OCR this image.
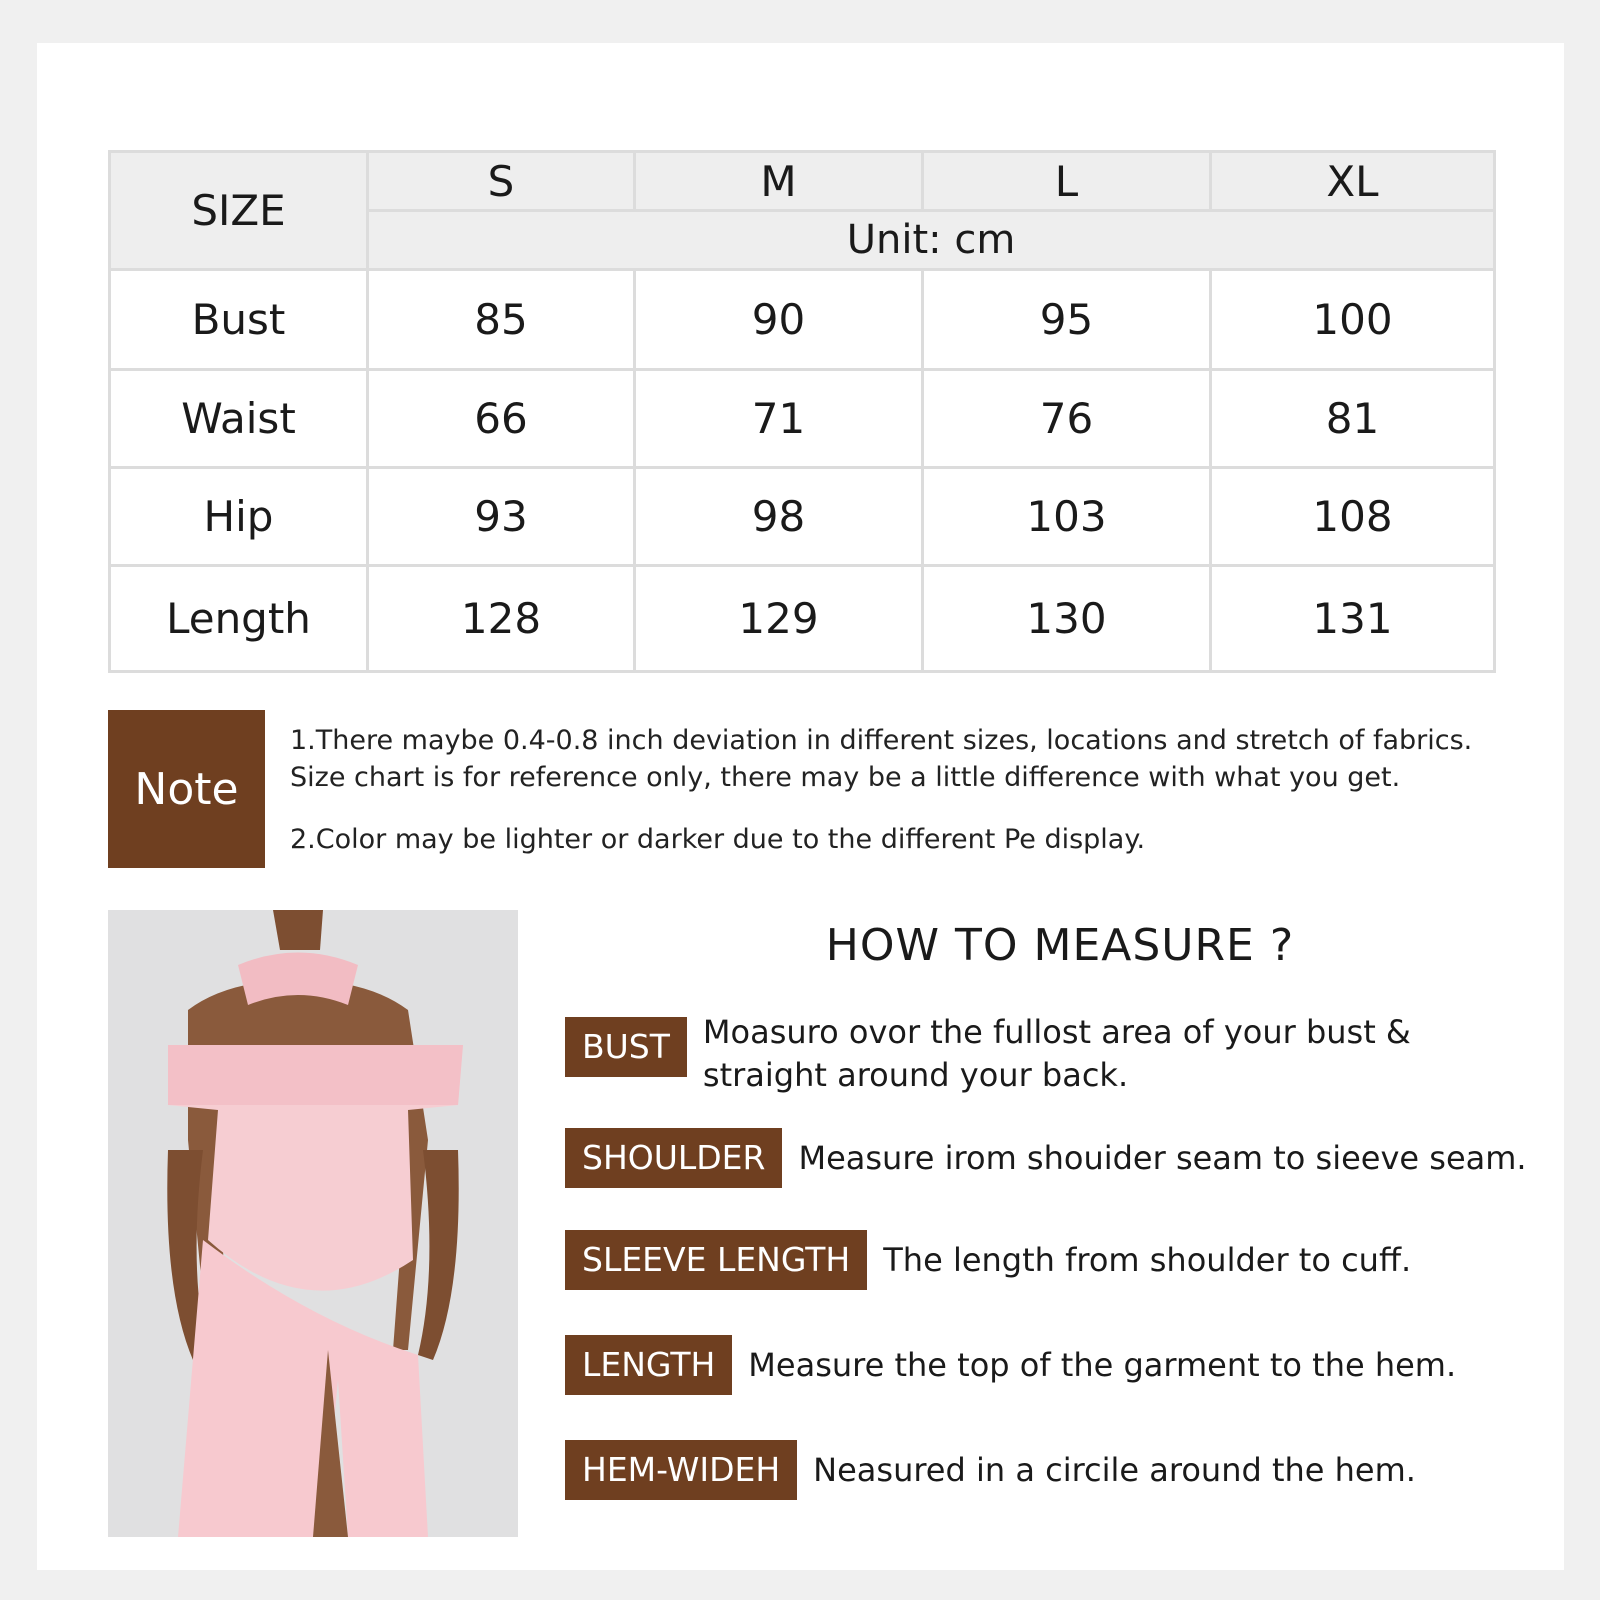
SIZE	S	M	L	XL
	Unit: cm			
Bust	85	90	95	100
Waist	66	71	76	81
Hip	93	98	103	108
Length	128	129	130	131
Note

1.There maybe 0.4-0.8 inch deviation in different sizes, locations and stretch of fabrics.

Size chart is for reference only, there may be a little difference with what you get.

2.Color may be lighter or darker due to the different Pe display.

HOW TO MEASURE ?
BUST	Moasuro ovor the fullost area of your bust & straight around your back.
SHOULDER	Measure irom shouider seam to sieeve seam.
SLEEVE LENGTH	The length from shoulder to cuff.
LENGTH	Measure the top of the garment to the hem.
HEM-WIDEH	Neasured in a circile around the hem.
